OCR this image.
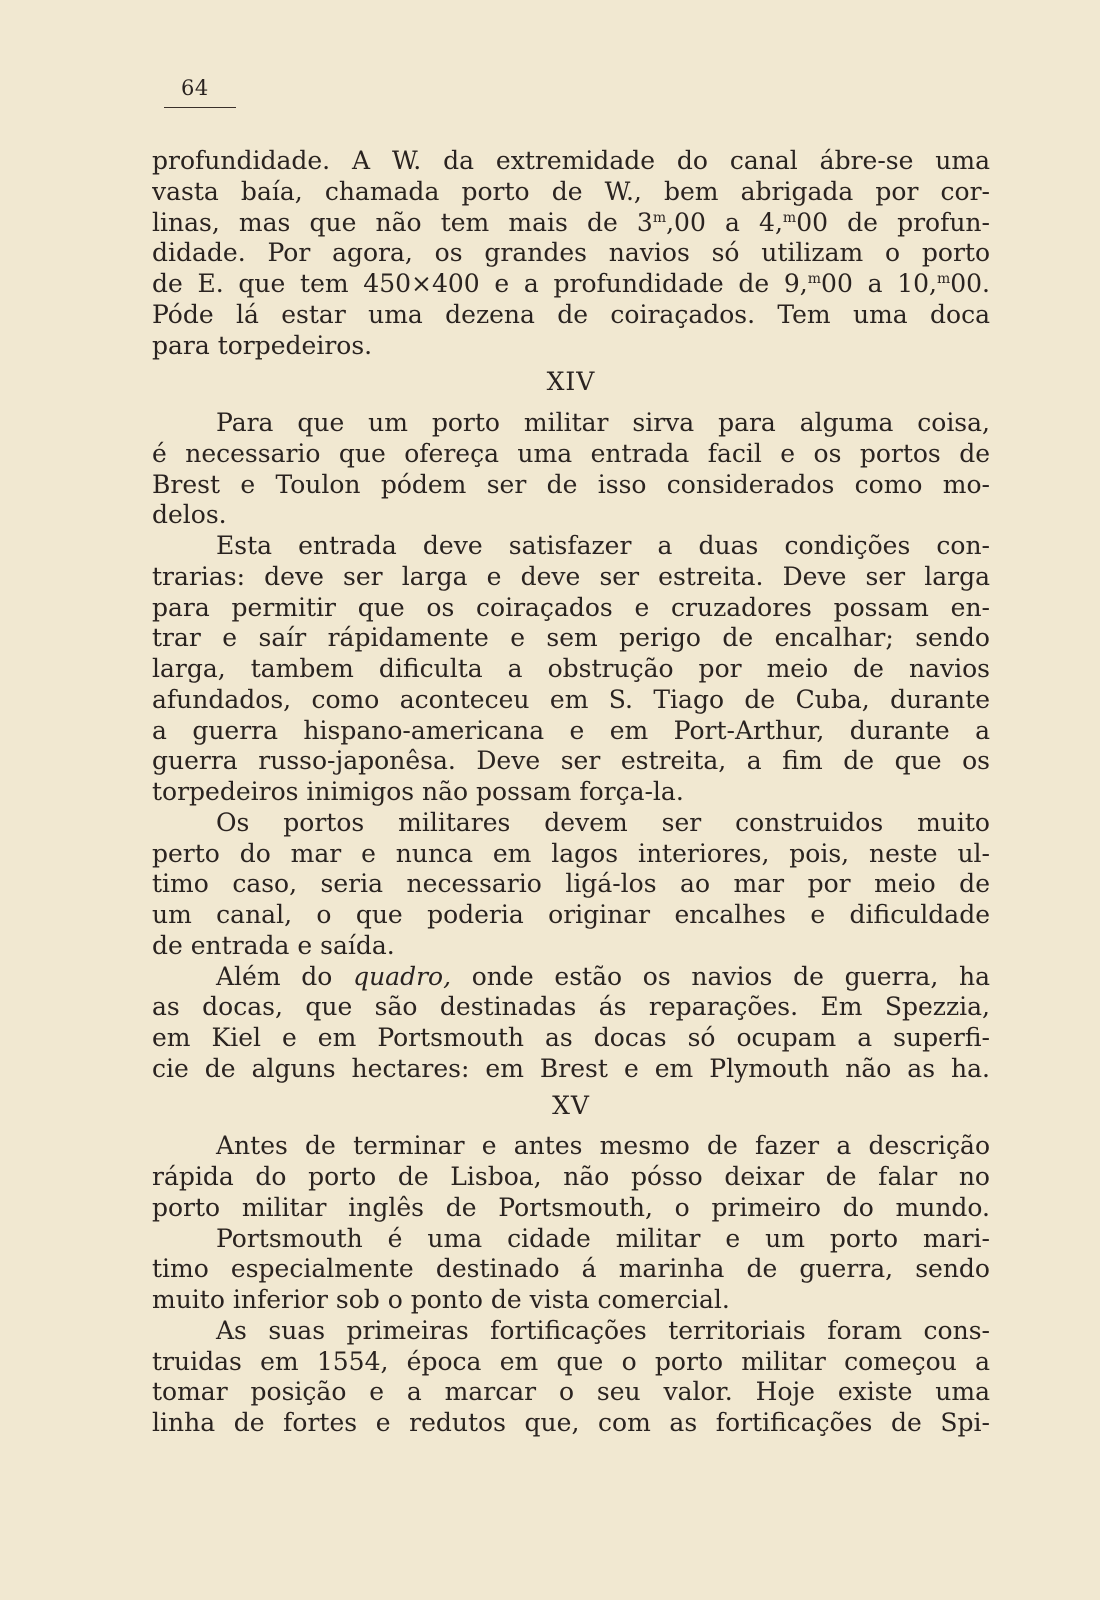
64

profundidade. A W. da extremidade do canal ábre-se uma
vasta baía, chamada porto de W., bem abrigada por cor-
linas, mas que não tem mais de 3$^m$,00 a 4,$^m$00 de profun-
didade. Por agora, os grandes navios só utilizam o porto
de E. que tem 450×400 e a profundidade de 9,$^m$00 a 10,$^m$00.
Póde lá estar uma dezena de coiraçados. Tem uma doca
para torpedeiros.

XIV

Para que um porto militar sirva para alguma coisa,
é necessario que ofereça uma entrada facil e os portos de
Brest e Toulon pódem ser de isso considerados como mo-
delos.

Esta entrada deve satisfazer a duas condições con-
trarias: deve ser larga e deve ser estreita. Deve ser larga
para permitir que os coiraçados e cruzadores possam en-
trar e saír rápidamente e sem perigo de encalhar; sendo
larga, tambem dificulta a obstrução por meio de navios
afundados, como aconteceu em S. Tiago de Cuba, durante
a guerra hispano-americana e em Port-Arthur, durante a
guerra russo-japonêsa. Deve ser estreita, a fim de que os
torpedeiros inimigos não possam força-la.

Os portos militares devem ser construidos muito
perto do mar e nunca em lagos interiores, pois, neste ul-
timo caso, seria necessario ligá-los ao mar por meio de
um canal, o que poderia originar encalhes e dificuldade
de entrada e saída.

Além do quadro, onde estão os navios de guerra, ha
as docas, que são destinadas ás reparações. Em Spezzia,
em Kiel e em Portsmouth as docas só ocupam a superfi-
cie de alguns hectares: em Brest e em Plymouth não as ha.

XV

Antes de terminar e antes mesmo de fazer a descrição
rápida do porto de Lisboa, não pósso deixar de falar no
porto militar inglês de Portsmouth, o primeiro do mundo.

Portsmouth é uma cidade militar e um porto mari-
timo especialmente destinado á marinha de guerra, sendo
muito inferior sob o ponto de vista comercial.

As suas primeiras fortificações territoriais foram cons-
truidas em 1554, época em que o porto militar começou a
tomar posição e a marcar o seu valor. Hoje existe uma
linha de fortes e redutos que, com as fortificações de Spi-
